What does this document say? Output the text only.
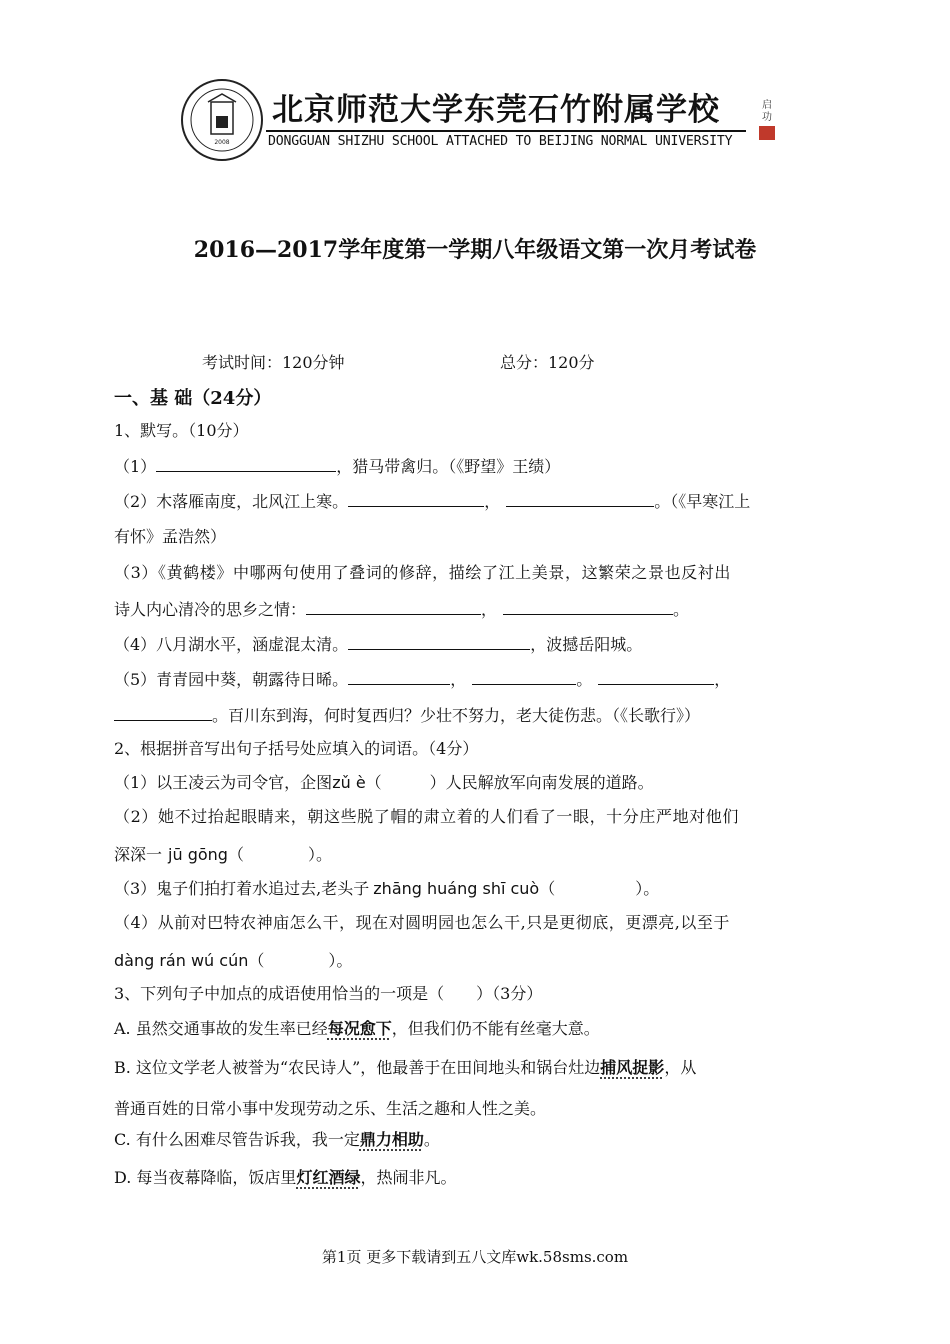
2008
北京师范大学东莞石竹附属学校
DONGGUAN SHIZHU SCHOOL ATTACHED TO BEIJING NORMAL UNIVERSITY
启
功
2016—2017学年度第一学期八年级语文第一次月考试卷
考试时间：120分钟	总分：120分
一、基 础（24分）
1、默写。（10分）
（1）	，猎马带禽归。（《野望》王绩）
（2）木落雁南度，北风江上寒。	，	。（《早寒江上
有怀》孟浩然）
（3）《黄鹤楼》中哪两句使用了叠词的修辞，描绘了江上美景，这繁荣之景也反衬出
诗人内心清冷的思乡之情：	，	。
（4）八月湖水平，涵虚混太清。	，波撼岳阳城。
（5）青青园中葵，朝露待日晞。	，	。	，
。百川东到海，何时复西归？少壮不努力，老大徒伤悲。（《长歌行》）
2、根据拼音写出句子括号处应填入的词语。（4分）
（1）以王凌云为司令官，企图zǔ è（　　　）人民解放军向南发展的道路。
（2）她不过抬起眼睛来，朝这些脱了帽的肃立着的人们看了一眼，十分庄严地对他们
深深一 jū gōng（　　　　）。
（3）鬼子们拍打着水追过去,老头子 zhāng huáng shī cuò（　　　　　）。
（4）从前对巴特农神庙怎么干，现在对圆明园也怎么干,只是更彻底，更漂亮,以至于
dàng rán wú cún（　　　　）。
3、下列句子中加点的成语使用恰当的一项是（　　）（3分）
A. 虽然交通事故的发生率已经每况愈下，但我们仍不能有丝毫大意。
B. 这位文学老人被誉为“农民诗人”，他最善于在田间地头和锅台灶边捕风捉影，从
普通百姓的日常小事中发现劳动之乐、生活之趣和人性之美。
C. 有什么困难尽管告诉我，我一定鼎力相助。
D. 每当夜幕降临，饭店里灯红酒绿，热闹非凡。
第1页 更多下载请到五八文库wk.58sms.com
